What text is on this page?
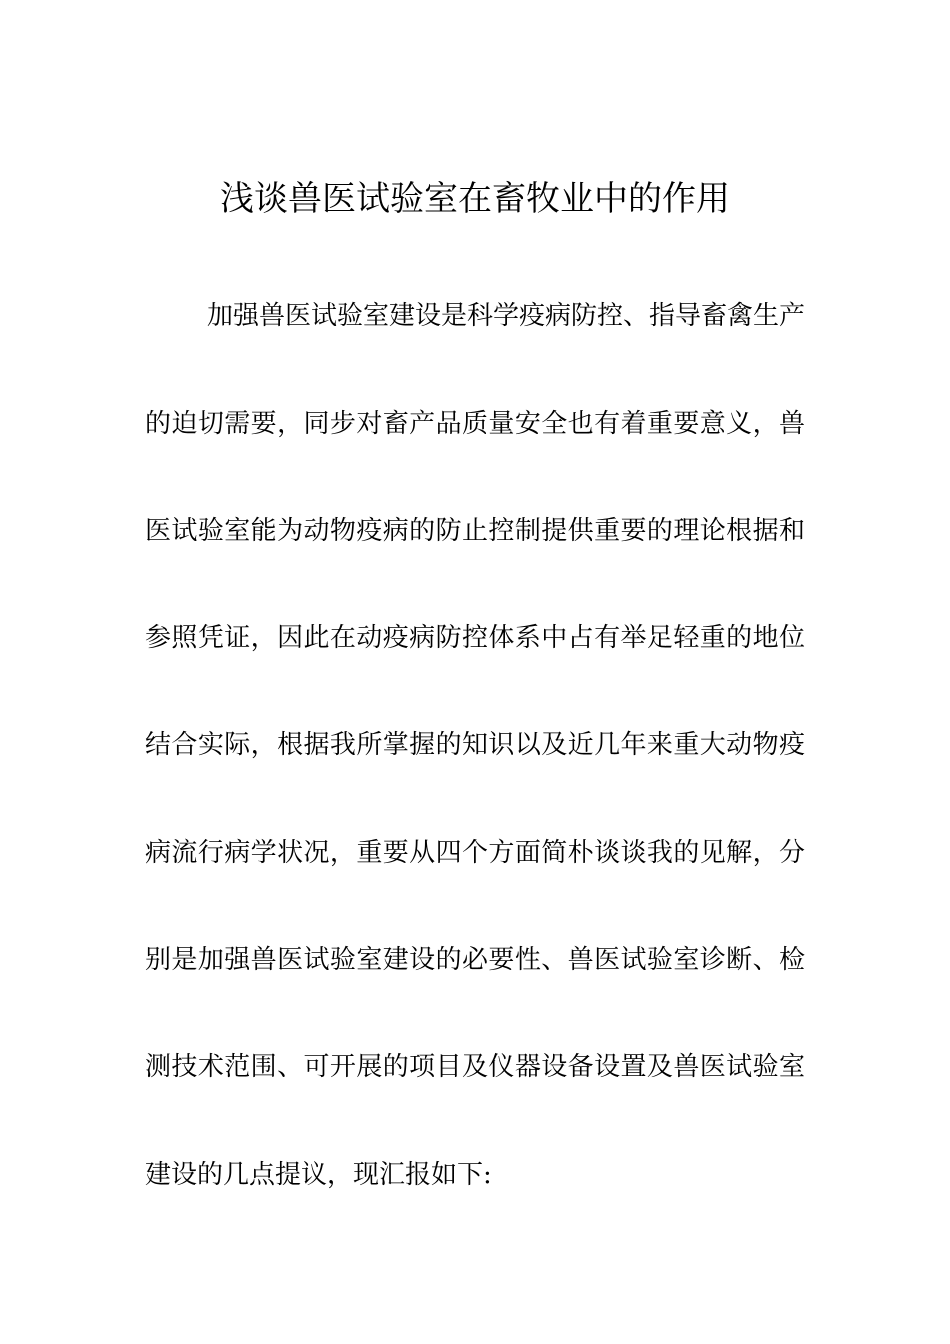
浅谈兽医试验室在畜牧业中的作用
加强兽医试验室建设是科学疫病防控、指导畜禽生产
的迫切需要，同步对畜产品质量安全也有着重要意义，兽
医试验室能为动物疫病的防止控制提供重要的理论根据和
参照凭证，因此在动疫病防控体系中占有举足轻重的地位
结合实际，根据我所掌握的知识以及近几年来重大动物疫
病流行病学状况，重要从四个方面简朴谈谈我的见解，分
别是加强兽医试验室建设的必要性、兽医试验室诊断、检
测技术范围、可开展的项目及仪器设备设置及兽医试验室
建设的几点提议，现汇报如下:
